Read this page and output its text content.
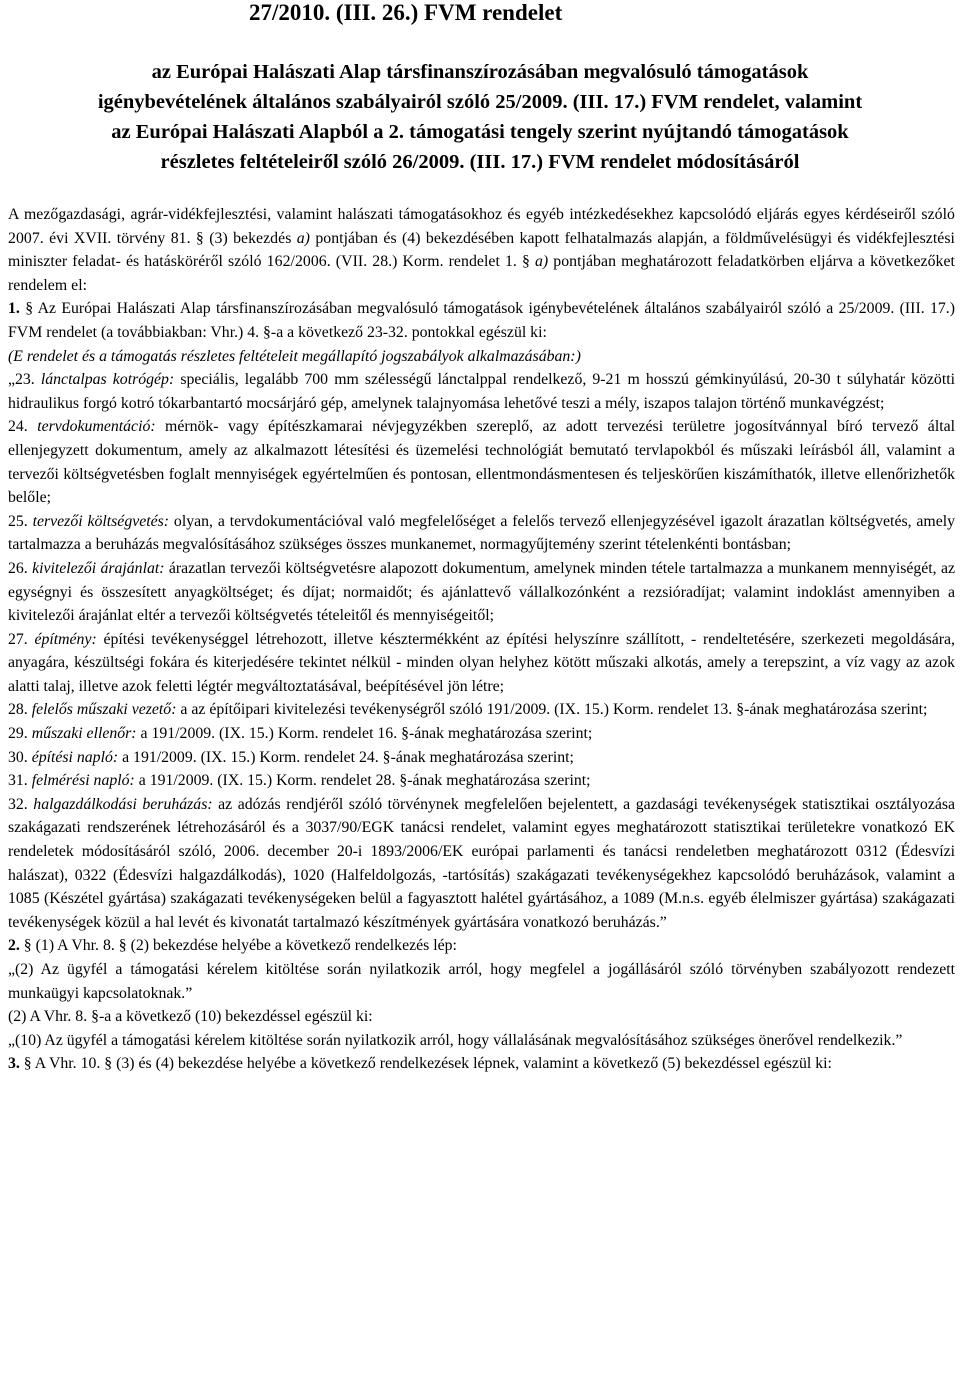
27/2010. (III. 26.) FVM rendelet
az Európai Halászati Alap társfinanszírozásában megvalósuló támogatások
igénybevételének általános szabályairól szóló 25/2009. (III. 17.) FVM rendelet, valamint
az Európai Halászati Alapból a 2. támogatási tengely szerint nyújtandó támogatások
részletes feltételeiről szóló 26/2009. (III. 17.) FVM rendelet módosításáról
A mezőgazdasági, agrár-vidékfejlesztési, valamint halászati támogatásokhoz és egyéb intézkedésekhez kapcsolódó eljárás egyes kérdéseiről szóló 2007. évi XVII. törvény 81. § (3) bekezdés a) pontjában és (4) bekezdésében kapott felhatalmazás alapján, a földművelésügyi és vidékfejlesztési miniszter feladat- és hatásköréről szóló 162/2006. (VII. 28.) Korm. rendelet 1. § a) pontjában meghatározott feladatkörben eljárva a következőket rendelem el:
1. § Az Európai Halászati Alap társfinanszírozásában megvalósuló támogatások igénybevételének általános szabályairól szóló a 25/2009. (III. 17.) FVM rendelet (a továbbiakban: Vhr.) 4. §-a a következő 23-32. pontokkal egészül ki:
(E rendelet és a támogatás részletes feltételeit megállapító jogszabályok alkalmazásában:)
„23. lánctalpas kotrógép: speciális, legalább 700 mm szélességű lánctalppal rendelkező, 9-21 m hosszú gémkinyúlású, 20-30 t súlyhatár közötti hidraulikus forgó kotró tókarbantartó mocsárjáró gép, amelynek talajnyomása lehetővé teszi a mély, iszapos talajon történő munkavégzést;
24. tervdokumentáció: mérnök- vagy építészkamarai névjegyzékben szereplő, az adott tervezési területre jogosítvánnyal bíró tervező által ellenjegyzett dokumentum, amely az alkalmazott létesítési és üzemelési technológiát bemutató tervlapokból és műszaki leírásból áll, valamint a tervezői költségvetésben foglalt mennyiségek egyértelműen és pontosan, ellentmondásmentesen és teljeskörűen kiszámíthatók, illetve ellenőrizhetők belőle;
25. tervezői költségvetés: olyan, a tervdokumentációval való megfelelőséget a felelős tervező ellenjegyzésével igazolt árazatlan költségvetés, amely tartalmazza a beruházás megvalósításához szükséges összes munkanemet, normagyűjtemény szerint tételenkénti bontásban;
26. kivitelezői árajánlat: árazatlan tervezői költségvetésre alapozott dokumentum, amelynek minden tétele tartalmazza a munkanem mennyiségét, az egységnyi és összesített anyagköltséget; és díjat; normaidőt; és ajánlattevő vállalkozónként a rezsióradíjat; valamint indoklást amennyiben a kivitelezői árajánlat eltér a tervezői költségvetés tételeitől és mennyiségeitől;
27. építmény: építési tevékenységgel létrehozott, illetve késztermékként az építési helyszínre szállított, - rendeltetésére, szerkezeti megoldására, anyagára, készültségi fokára és kiterjedésére tekintet nélkül - minden olyan helyhez kötött műszaki alkotás, amely a terepszint, a víz vagy az azok alatti talaj, illetve azok feletti légtér megváltoztatásával, beépítésével jön létre;
28. felelős műszaki vezető: a az építőipari kivitelezési tevékenységről szóló 191/2009. (IX. 15.) Korm. rendelet 13. §-ának meghatározása szerint;
29. műszaki ellenőr: a 191/2009. (IX. 15.) Korm. rendelet 16. §-ának meghatározása szerint;
30. építési napló: a 191/2009. (IX. 15.) Korm. rendelet 24. §-ának meghatározása szerint;
31. felmérési napló: a 191/2009. (IX. 15.) Korm. rendelet 28. §-ának meghatározása szerint;
32. halgazdálkodási beruházás: az adózás rendjéről szóló törvénynek megfelelően bejelentett, a gazdasági tevékenységek statisztikai osztályozása szakágazati rendszerének létrehozásáról és a 3037/90/EGK tanácsi rendelet, valamint egyes meghatározott statisztikai területekre vonatkozó EK rendeletek módosításáról szóló, 2006. december 20-i 1893/2006/EK európai parlamenti és tanácsi rendeletben meghatározott 0312 (Édesvízi halászat), 0322 (Édesvízi halgazdálkodás), 1020 (Halfeldolgozás, -tartósítás) szakágazati tevékenységekhez kapcsolódó beruházások, valamint a 1085 (Készétel gyártása) szakágazati tevékenységeken belül a fagyasztott halétel gyártásához, a 1089 (M.n.s. egyéb élelmiszer gyártása) szakágazati tevékenységek közül a hal levét és kivonatát tartalmazó készítmények gyártására vonatkozó beruházás.”
2. § (1) A Vhr. 8. § (2) bekezdése helyébe a következő rendelkezés lép:
„(2) Az ügyfél a támogatási kérelem kitöltése során nyilatkozik arról, hogy megfelel a jogállásáról szóló törvényben szabályozott rendezett munkaügyi kapcsolatoknak.”
(2) A Vhr. 8. §-a a következő (10) bekezdéssel egészül ki:
„(10) Az ügyfél a támogatási kérelem kitöltése során nyilatkozik arról, hogy vállalásának megvalósításához szükséges önerővel rendelkezik.”
3. § A Vhr. 10. § (3) és (4) bekezdése helyébe a következő rendelkezések lépnek, valamint a következő (5) bekezdéssel egészül ki:
